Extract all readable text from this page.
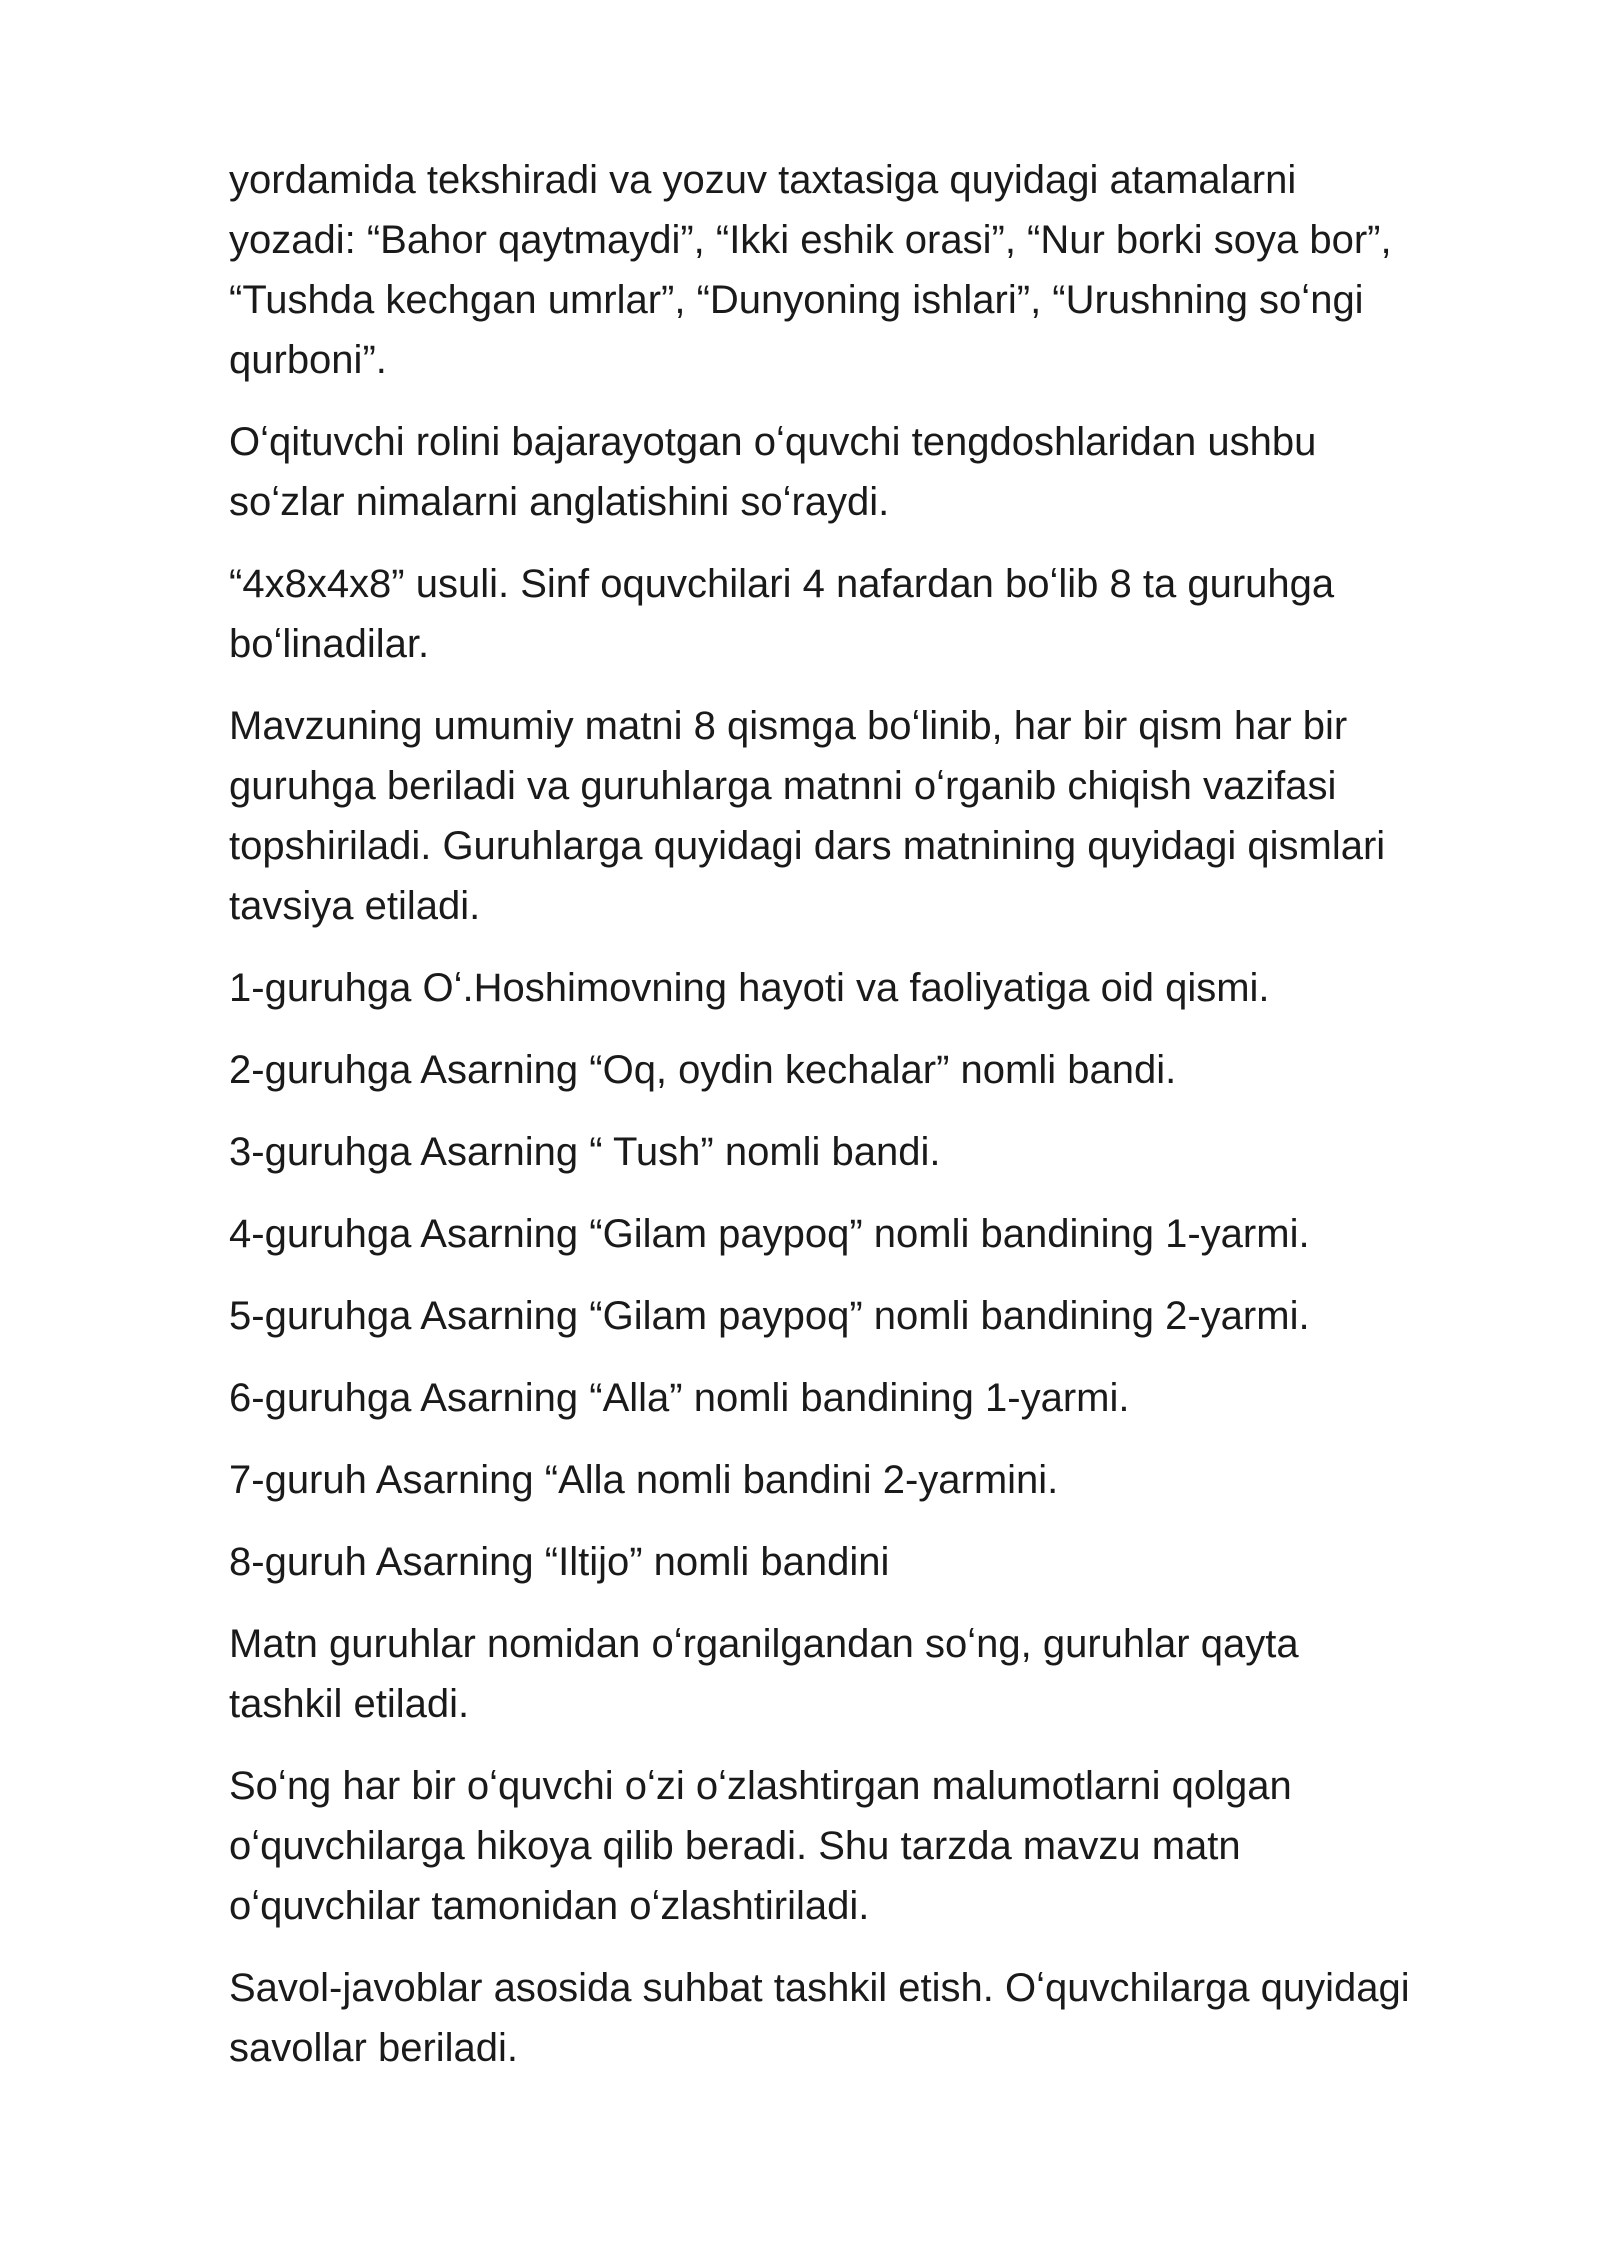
yordamida tekshiradi va yozuv taxtasiga quyidagi atamalarni
yozadi: “Bahor qaytmaydi”, “Ikki eshik orasi”, “Nur borki soya bor”,
“Tushda kechgan umrlar”, “Dunyoning ishlari”, “Urushning soʻngi
qurboni”.

Oʻqituvchi rolini bajarayotgan oʻquvchi tengdoshlaridan ushbu
soʻzlar nimalarni anglatishini soʻraydi.

“4x8x4x8” usuli. Sinf oquvchilari 4 nafardan boʻlib 8 ta guruhga
boʻlinadilar.

Mavzuning umumiy matni 8 qismga boʻlinib, har bir qism har bir
guruhga beriladi va guruhlarga matnni oʻrganib chiqish vazifasi
topshiriladi. Guruhlarga quyidagi dars matnining quyidagi qismlari
tavsiya etiladi.

1-guruhga Oʻ.Hoshimovning hayoti va faoliyatiga oid qismi.

2-guruhga Asarning “Oq, oydin kechalar” nomli bandi.

3-guruhga Asarning “ Tush” nomli bandi.

4-guruhga Asarning “Gilam paypoq” nomli bandining 1-yarmi.

5-guruhga Asarning “Gilam paypoq” nomli bandining 2-yarmi.

6-guruhga Asarning “Alla” nomli bandining 1-yarmi.

7-guruh Asarning “Alla nomli bandini 2-yarmini.

8-guruh Asarning “Iltijo” nomli bandini

Matn guruhlar nomidan oʻrganilgandan soʻng, guruhlar qayta
tashkil etiladi.

Soʻng har bir oʻquvchi oʻzi oʻzlashtirgan malumotlarni qolgan
oʻquvchilarga hikoya qilib beradi. Shu tarzda mavzu matn
oʻquvchilar tamonidan oʻzlashtiriladi.

Savol-javoblar asosida suhbat tashkil etish. Oʻquvchilarga quyidagi
savollar beriladi.
